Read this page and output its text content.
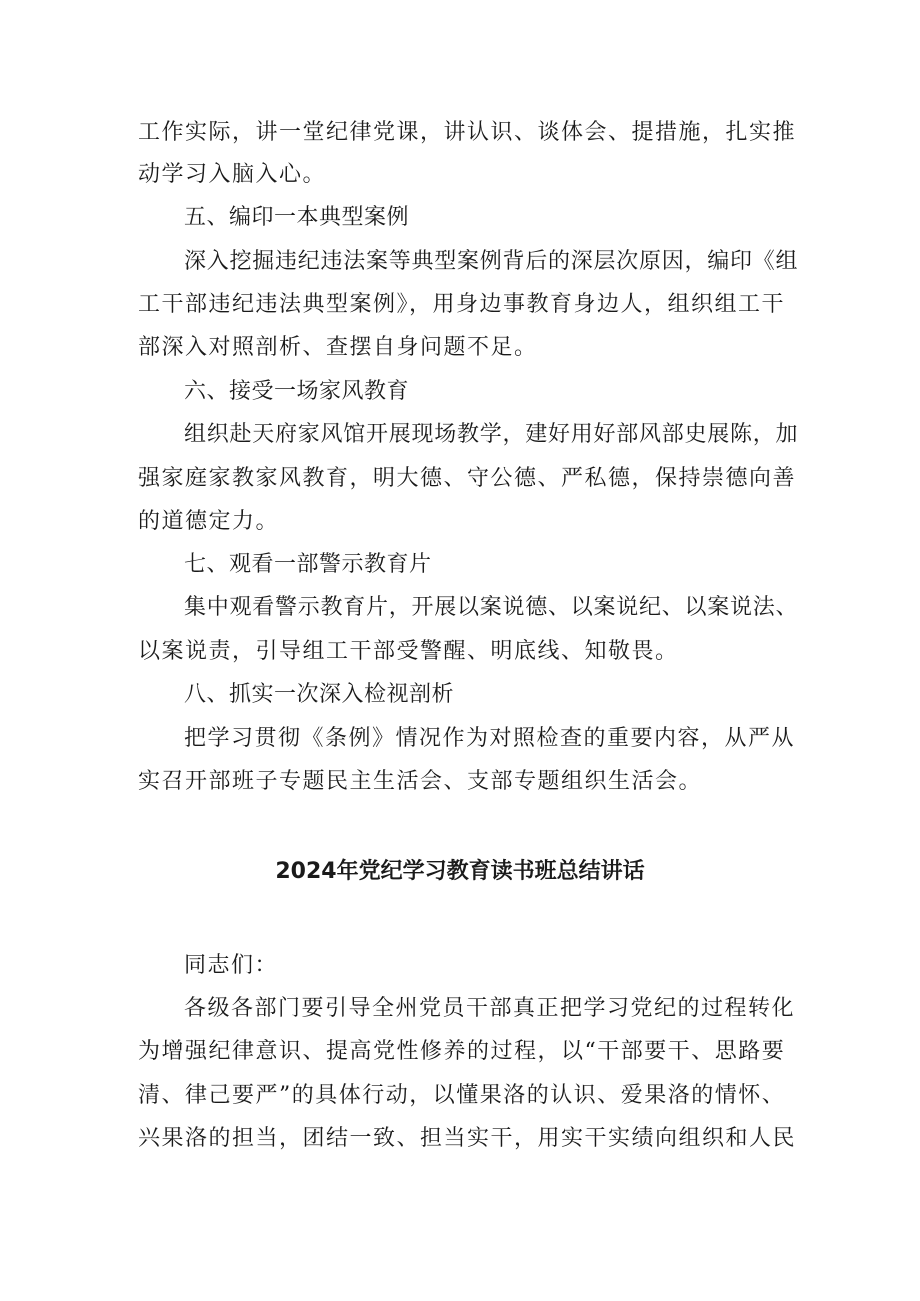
工作实际，讲一堂纪律党课，讲认识、谈体会、提措施，扎实推
动学习入脑入心。
五、编印一本典型案例
深入挖掘违纪违法案等典型案例背后的深层次原因，编印《组
工干部违纪违法典型案例》，用身边事教育身边人，组织组工干
部深入对照剖析、查摆自身问题不足。
六、接受一场家风教育
组织赴天府家风馆开展现场教学，建好用好部风部史展陈，加
强家庭家教家风教育，明大德、守公德、严私德，保持崇德向善
的道德定力。
七、观看一部警示教育片
集中观看警示教育片，开展以案说德、以案说纪、以案说法、
以案说责，引导组工干部受警醒、明底线、知敬畏。
八、抓实一次深入检视剖析
把学习贯彻《条例》情况作为对照检查的重要内容，从严从
实召开部班子专题民主生活会、支部专题组织生活会。
2024年党纪学习教育读书班总结讲话
同志们：
各级各部门要引导全州党员干部真正把学习党纪的过程转化
为增强纪律意识、提高党性修养的过程，以“干部要干、思路要
清、律己要严”的具体行动，以懂果洛的认识、爱果洛的情怀、
兴果洛的担当，团结一致、担当实干，用实干实绩向组织和人民
